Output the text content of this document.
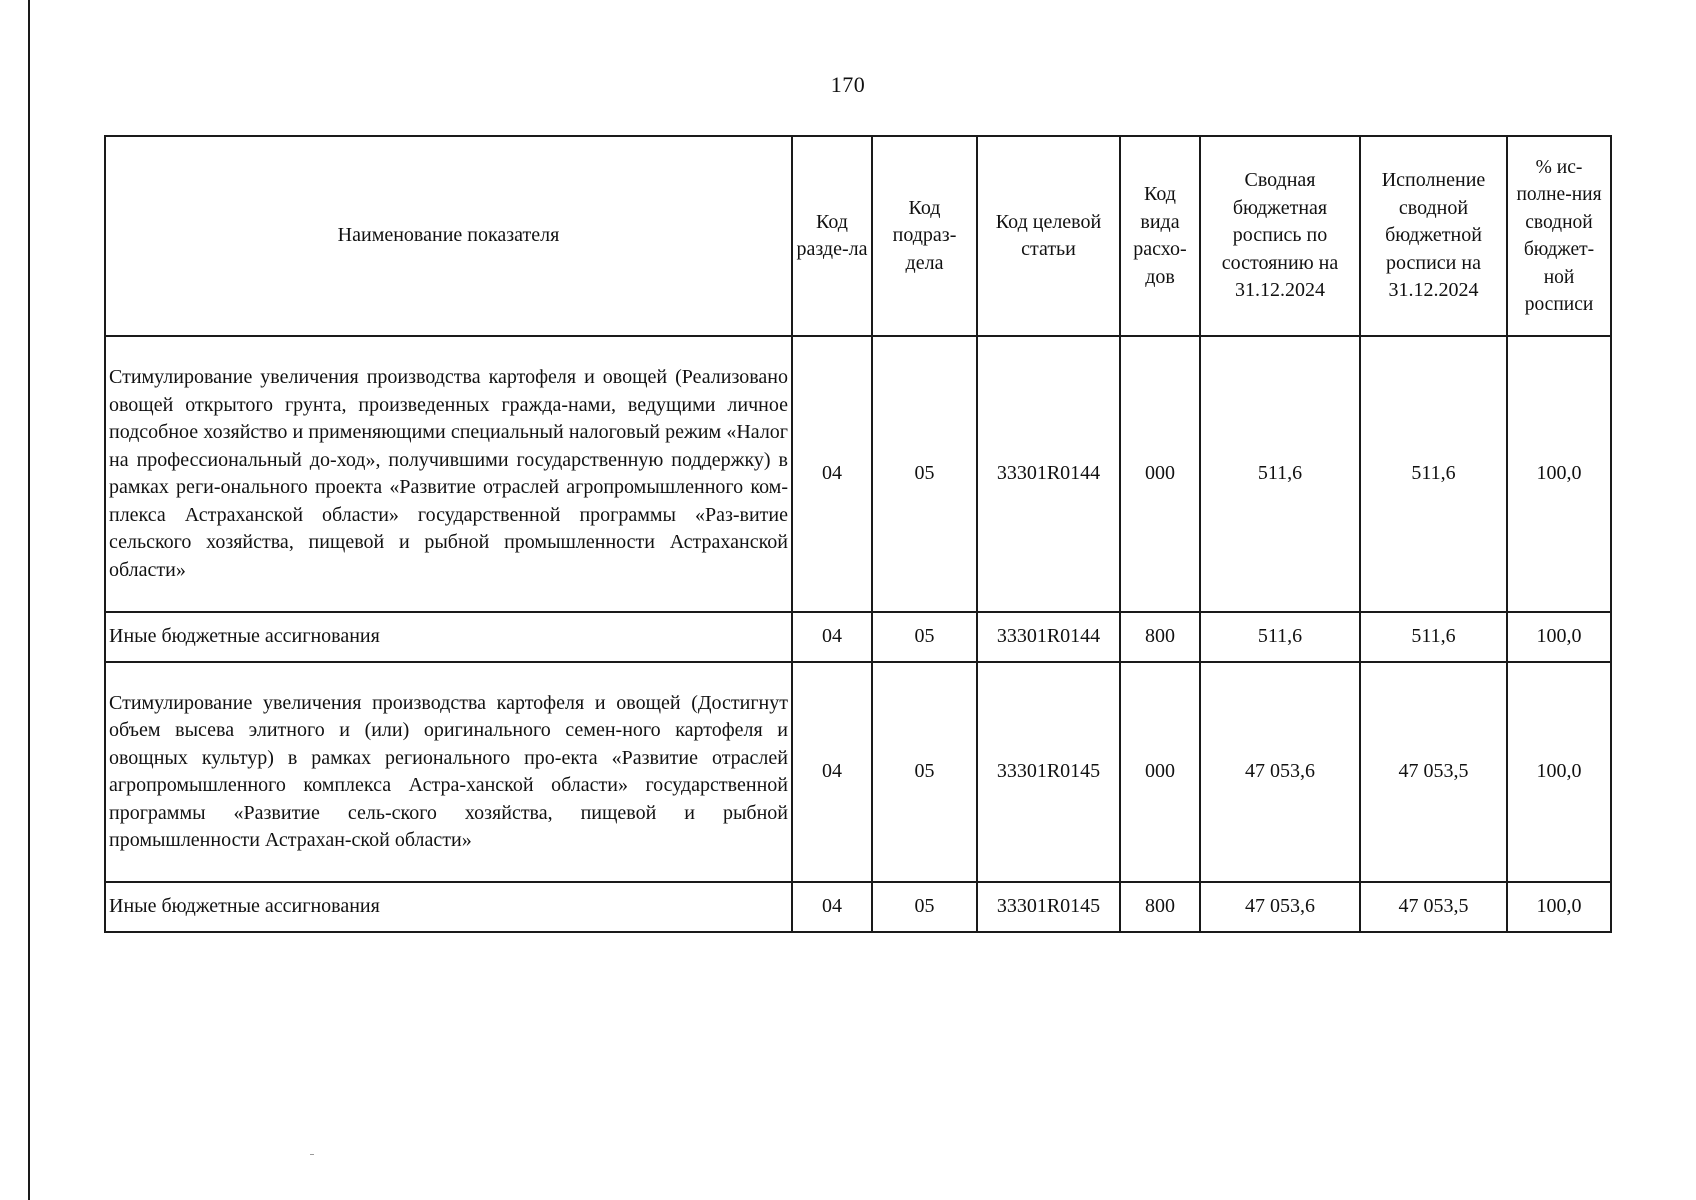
170
Наименование показателя	Код разде-ла	Код подраз-дела	Код целевой статьи	Код вида расхо-дов	Сводная бюджетная роспись по состоянию на 31.12.2024	Исполнение сводной бюджетной росписи на 31.12.2024	% ис-полне-ния сводной бюджет-ной росписи
Стимулирование увеличения производства картофеля и овощей (Реализовано овощей открытого грунта, произведенных гражда-нами, ведущими личное подсобное хозяйство и применяющими специальный налоговый режим «Налог на профессиональный до-ход», получившими государственную поддержку) в рамках реги-онального проекта «Развитие отраслей агропромышленного ком-плекса Астраханской области» государственной программы «Раз-витие сельского хозяйства, пищевой и рыбной промышленности Астраханской области»	04	05	33301R0144	000	511,6	511,6	100,0
Иные бюджетные ассигнования	04	05	33301R0144	800	511,6	511,6	100,0
Стимулирование увеличения производства картофеля и овощей (Достигнут объем высева элитного и (или) оригинального семен-ного картофеля и овощных культур) в рамках регионального про-екта «Развитие отраслей агропромышленного комплекса Астра-ханской области» государственной программы «Развитие сель-ского хозяйства, пищевой и рыбной промышленности Астрахан-ской области»	04	05	33301R0145	000	47 053,6	47 053,5	100,0
Иные бюджетные ассигнования	04	05	33301R0145	800	47 053,6	47 053,5	100,0
